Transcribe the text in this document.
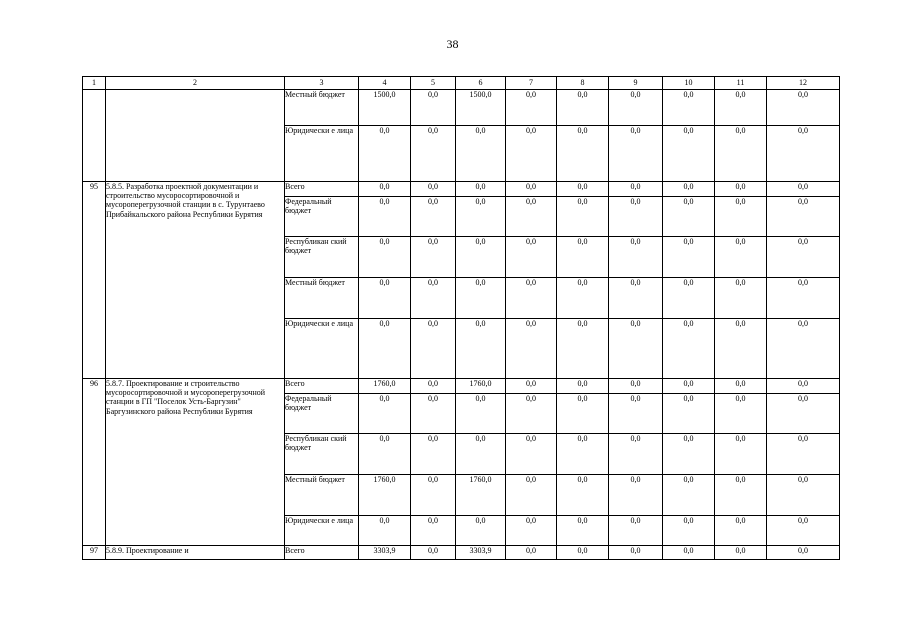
38
1	2	3	4	5	6	7	8	9	10	11	12
		Местный бюджет	1500,0	0,0	1500,0	0,0	0,0	0,0	0,0	0,0	0,0
		Юридически е лица	0,0	0,0	0,0	0,0	0,0	0,0	0,0	0,0	0,0
95	5.8.5. Разработка проектной документации и строительство мусоросортировочной и мусороперегрузочной станции в с. Турунтаево Прибайкальского района Республики Бурятия	Всего	0,0	0,0	0,0	0,0	0,0	0,0	0,0	0,0	0,0
		Федеральный бюджет	0,0	0,0	0,0	0,0	0,0	0,0	0,0	0,0	0,0
		Республикан ский бюджет	0,0	0,0	0,0	0,0	0,0	0,0	0,0	0,0	0,0
		Местный бюджет	0,0	0,0	0,0	0,0	0,0	0,0	0,0	0,0	0,0
		Юридически е лица	0,0	0,0	0,0	0,0	0,0	0,0	0,0	0,0	0,0
96	5.8.7. Проектирование и строительство мусоросортировочной и мусороперегрузочной станции в ГП "Поселок Усть-Баргузин" Баргузинского района Республики Бурятия	Всего	1760,0	0,0	1760,0	0,0	0,0	0,0	0,0	0,0	0,0
		Федеральный бюджет	0,0	0,0	0,0	0,0	0,0	0,0	0,0	0,0	0,0
		Республикан ский бюджет	0,0	0,0	0,0	0,0	0,0	0,0	0,0	0,0	0,0
		Местный бюджет	1760,0	0,0	1760,0	0,0	0,0	0,0	0,0	0,0	0,0
		Юридически е лица	0,0	0,0	0,0	0,0	0,0	0,0	0,0	0,0	0,0
97	5.8.9. Проектирование и	Всего	3303,9	0,0	3303,9	0,0	0,0	0,0	0,0	0,0	0,0
